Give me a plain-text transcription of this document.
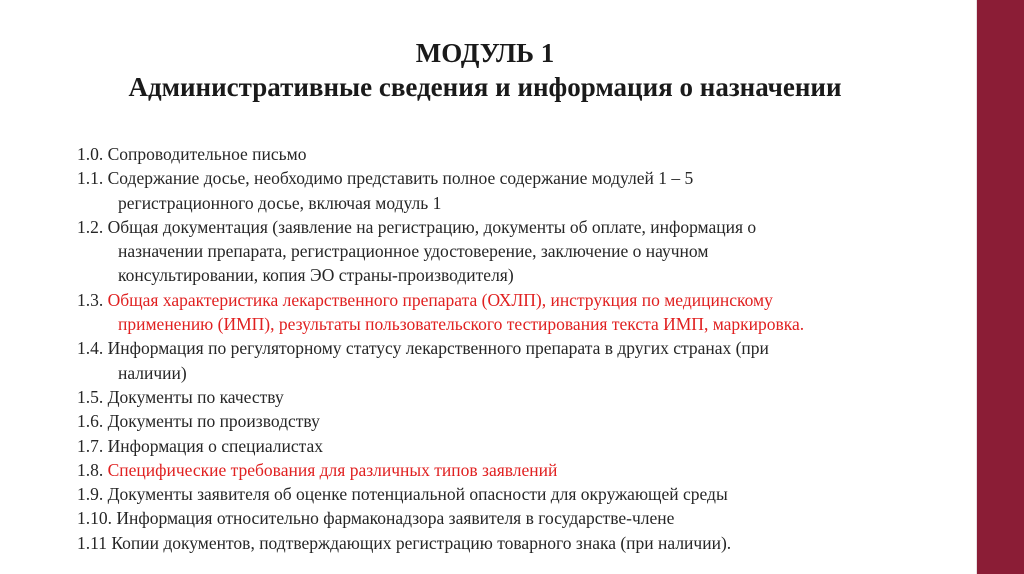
МОДУЛЬ 1
Административные сведения и информация о назначении
1.0. Сопроводительное письмо
1.1. Содержание досье, необходимо представить полное содержание модулей 1 – 5
регистрационного досье, включая модуль 1
1.2. Общая документация (заявление на регистрацию, документы об оплате, информация о
назначении препарата, регистрационное удостоверение, заключение о научном
консультировании, копия ЭО страны-производителя)
1.3. Общая характеристика лекарственного препарата (ОХЛП), инструкция по медицинскому
применению (ИМП), результаты пользовательского тестирования текста ИМП, маркировка.
1.4. Информация по регуляторному статусу лекарственного препарата в других странах (при
наличии)
1.5. Документы по качеству
1.6. Документы по производству
1.7. Информация о специалистах
1.8. Специфические требования для различных типов заявлений
1.9. Документы заявителя об оценке потенциальной опасности для окружающей среды
1.10. Информация относительно фармаконадзора заявителя в государстве-члене
1.11 Копии документов, подтверждающих регистрацию товарного знака (при наличии).
